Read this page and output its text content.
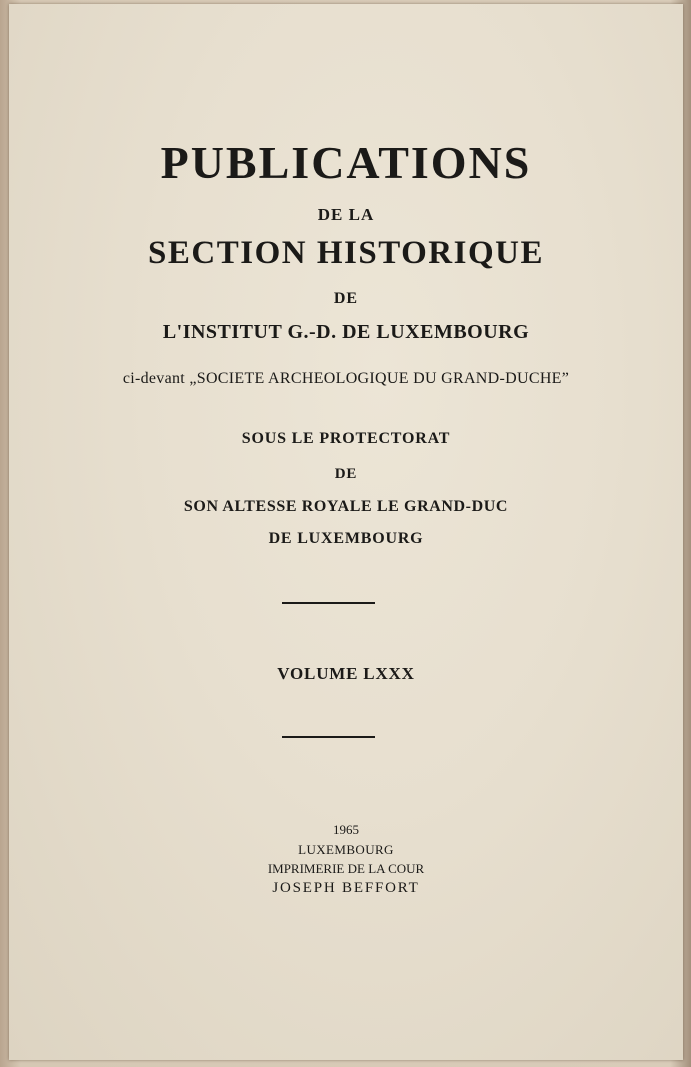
PUBLICATIONS

DE LA

SECTION HISTORIQUE

DE

L'INSTITUT G.-D. DE LUXEMBOURG

ci-devant „SOCIETE ARCHEOLOGIQUE DU GRAND-DUCHE”

SOUS LE PROTECTORAT

DE

SON ALTESSE ROYALE LE GRAND-DUC

DE LUXEMBOURG

VOLUME LXXX

1965

LUXEMBOURG

IMPRIMERIE DE LA COUR

JOSEPH BEFFORT
